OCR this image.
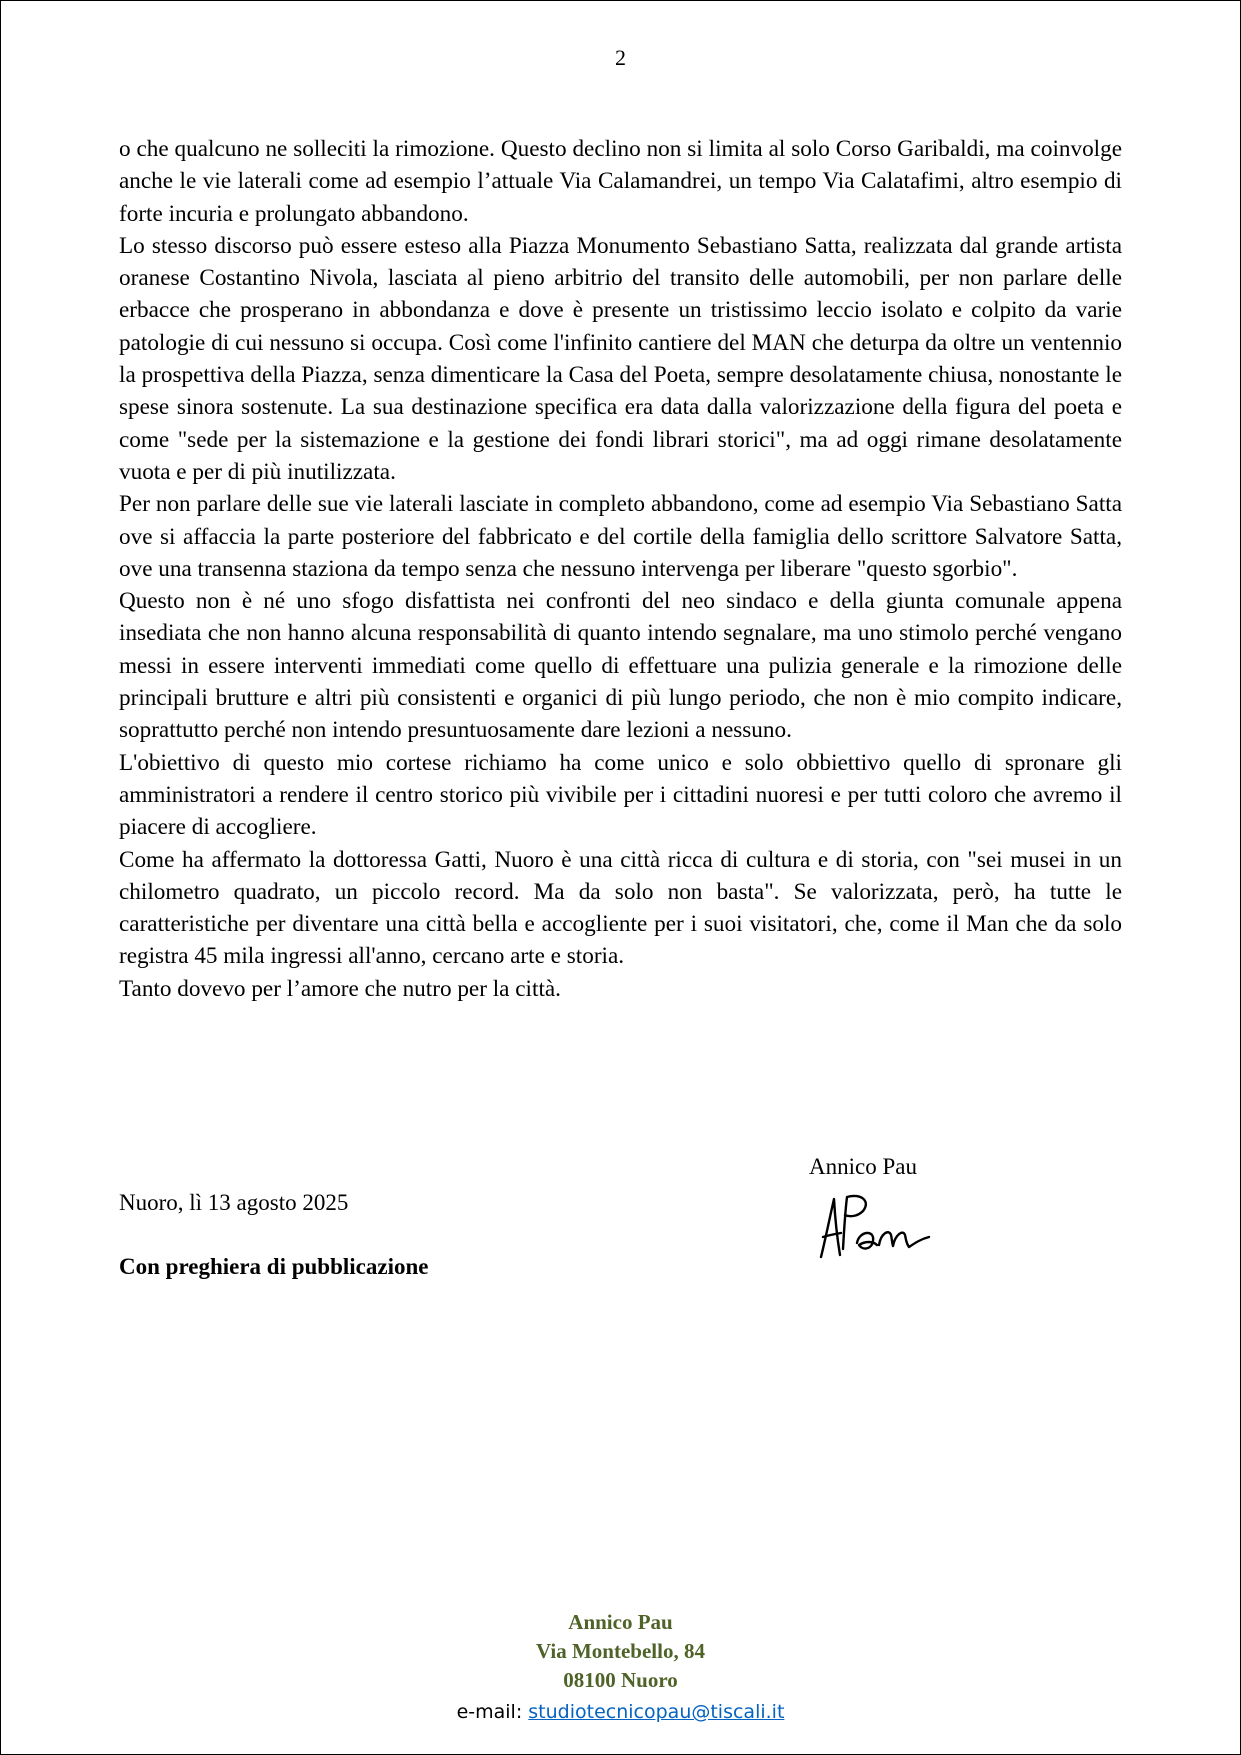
2

o che qualcuno ne solleciti la rimozione. Questo declino non si limita al solo Corso Garibaldi, ma coinvolge anche le vie laterali come ad esempio l’attuale Via Calamandrei, un tempo Via Calatafimi, altro esempio di forte incuria e prolungato abbandono.

Lo stesso discorso può essere esteso alla Piazza Monumento Sebastiano Satta, realizzata dal grande artista oranese Costantino Nivola, lasciata al pieno arbitrio del transito delle automobili, per non parlare delle erbacce che prosperano in abbondanza e dove è presente un tristissimo leccio isolato e colpito da varie patologie di cui nessuno si occupa. Così come l'infinito cantiere del MAN che deturpa da oltre un ventennio la prospettiva della Piazza, senza dimenticare la Casa del Poeta, sempre desolatamente chiusa, nonostante le spese sinora sostenute. La sua destinazione specifica era data dalla valorizzazione della figura del poeta e come "sede per la sistemazione e la gestione dei fondi librari storici", ma ad oggi rimane desolatamente vuota e per di più inutilizzata.

Per non parlare delle sue vie laterali lasciate in completo abbandono, come ad esempio Via Sebastiano Satta ove si affaccia la parte posteriore del fabbricato e del cortile della famiglia dello scrittore Salvatore Satta, ove una transenna staziona da tempo senza che nessuno intervenga per liberare "questo sgorbio".

Questo non è né uno sfogo disfattista nei confronti del neo sindaco e della giunta comunale appena insediata che non hanno alcuna responsabilità di quanto intendo segnalare, ma uno stimolo perché vengano messi in essere interventi immediati come quello di effettuare una pulizia generale e la rimozione delle principali brutture e altri più consistenti e organici di più lungo periodo, che non è mio compito indicare, soprattutto perché non intendo presuntuosamente dare lezioni a nessuno.

L'obiettivo di questo mio cortese richiamo ha come unico e solo obbiettivo quello di spronare gli amministratori a rendere il centro storico più vivibile per i cittadini nuoresi e per tutti coloro che avremo il piacere di accogliere.

Come ha affermato la dottoressa Gatti, Nuoro è una città ricca di cultura e di storia, con "sei musei in un chilometro quadrato, un piccolo record. Ma da solo non basta". Se valorizzata, però, ha tutte le caratteristiche per diventare una città bella e accogliente per i suoi visitatori, che, come il Man che da solo registra 45 mila ingressi all'anno, cercano arte e storia.

Tanto dovevo per l’amore che nutro per la città.

Annico Pau
Nuoro, lì 13 agosto 2025
Con preghiera di pubblicazione
Annico Pau
Via Montebello, 84
08100 Nuoro
e-mail: studiotecnicopau@tiscali.it
